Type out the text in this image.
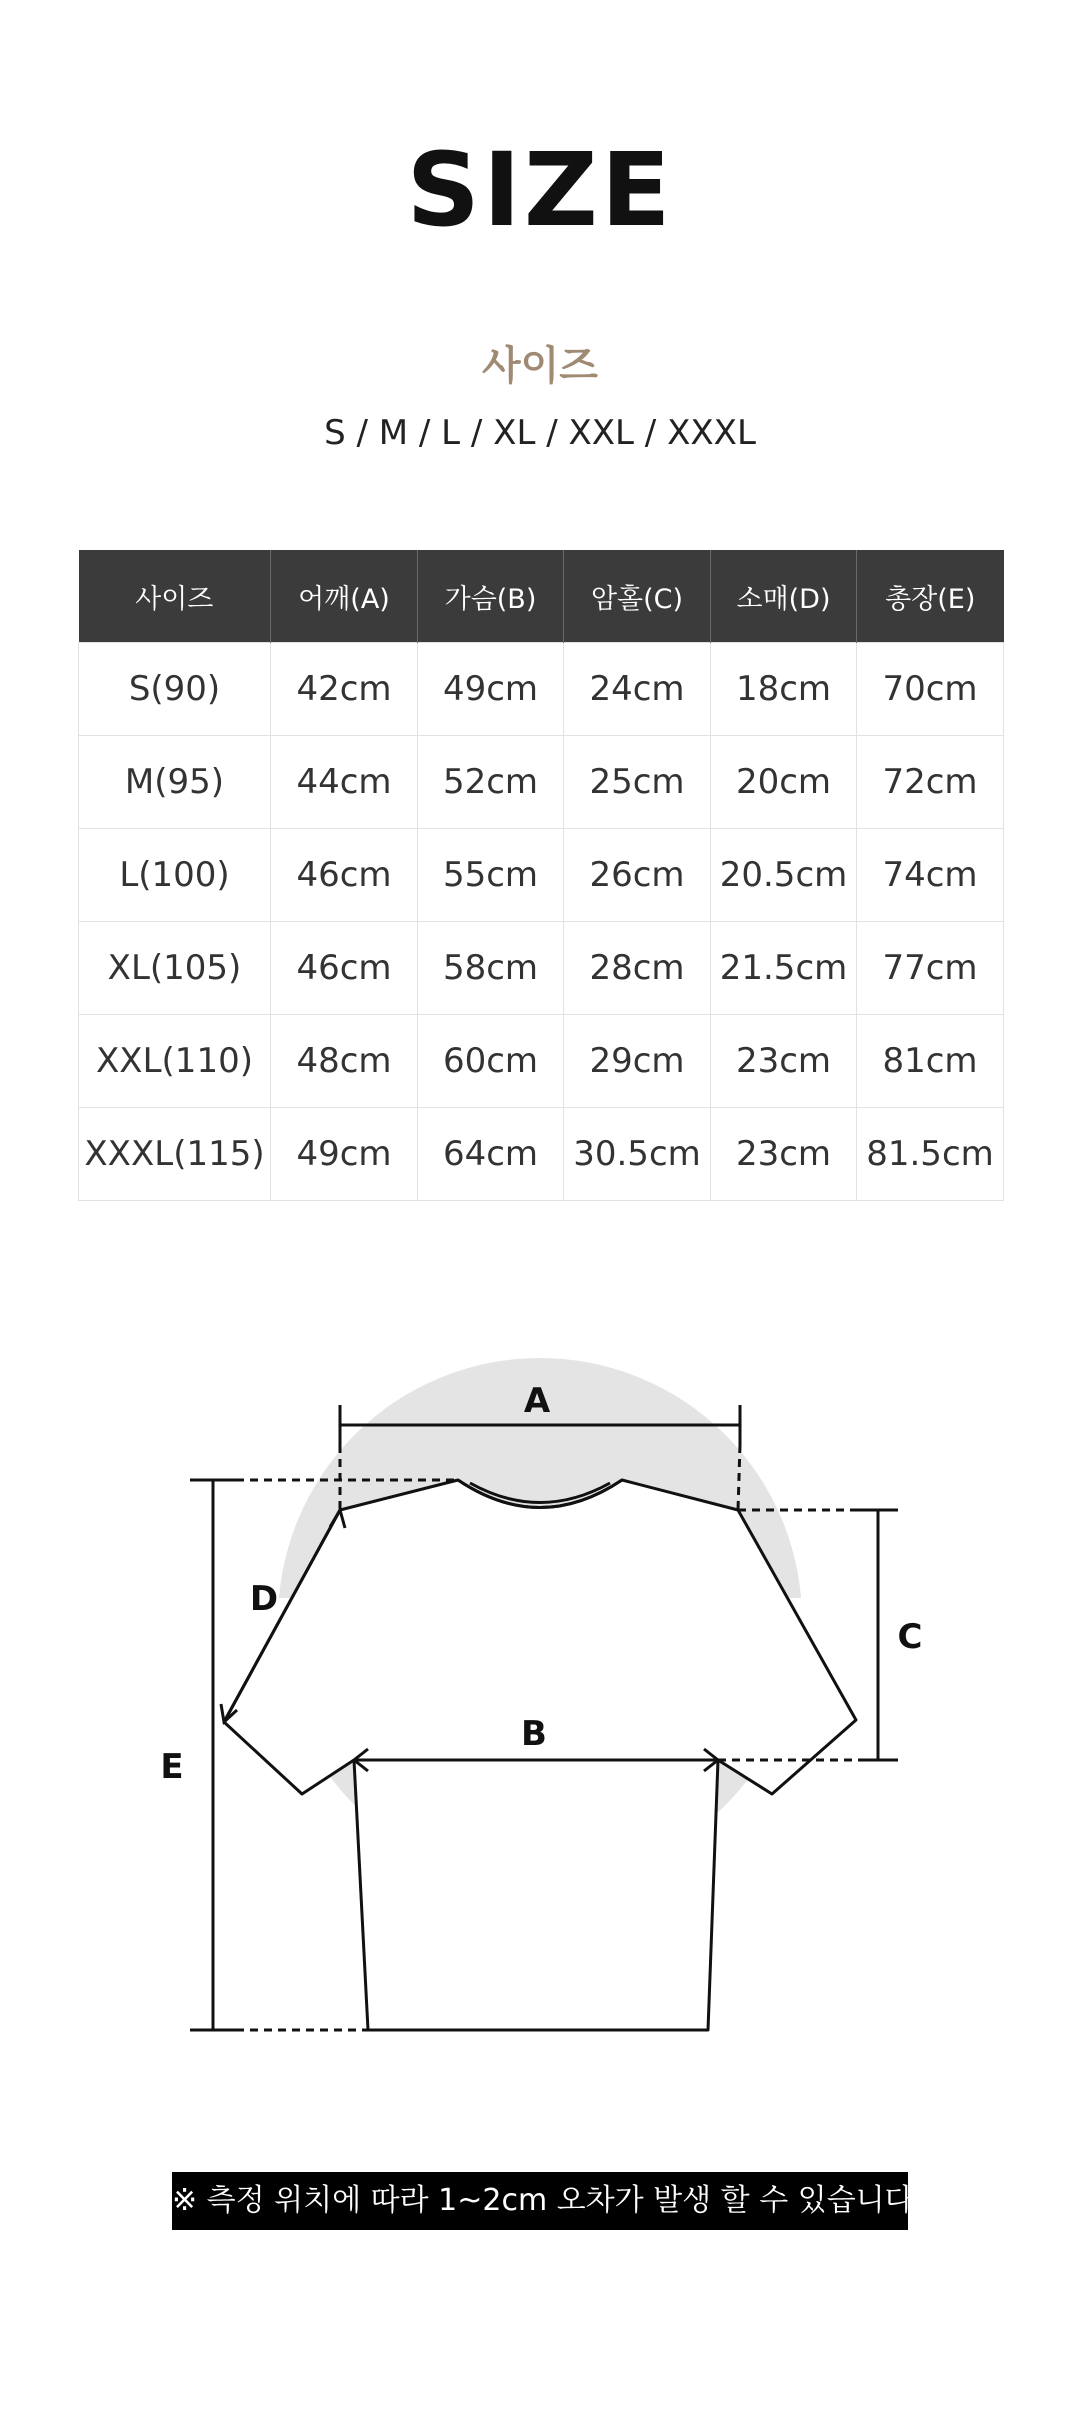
SIZE
사이즈
S / M / L / XL / XXL / XXXL
사이즈	어깨(A)	가슴(B)	암홀(C)	소매(D)	총장(E)
S(90)	42cm	49cm	24cm	18cm	70cm
M(95)	44cm	52cm	25cm	20cm	72cm
L(100)	46cm	55cm	26cm	20.5cm	74cm
XL(105)	46cm	58cm	28cm	21.5cm	77cm
XXL(110)	48cm	60cm	29cm	23cm	81cm
XXXL(115)	49cm	64cm	30.5cm	23cm	81.5cm
A
B
C
D
E
※ 측정 위치에 따라 1~2cm 오차가 발생 할 수 있습니다.
